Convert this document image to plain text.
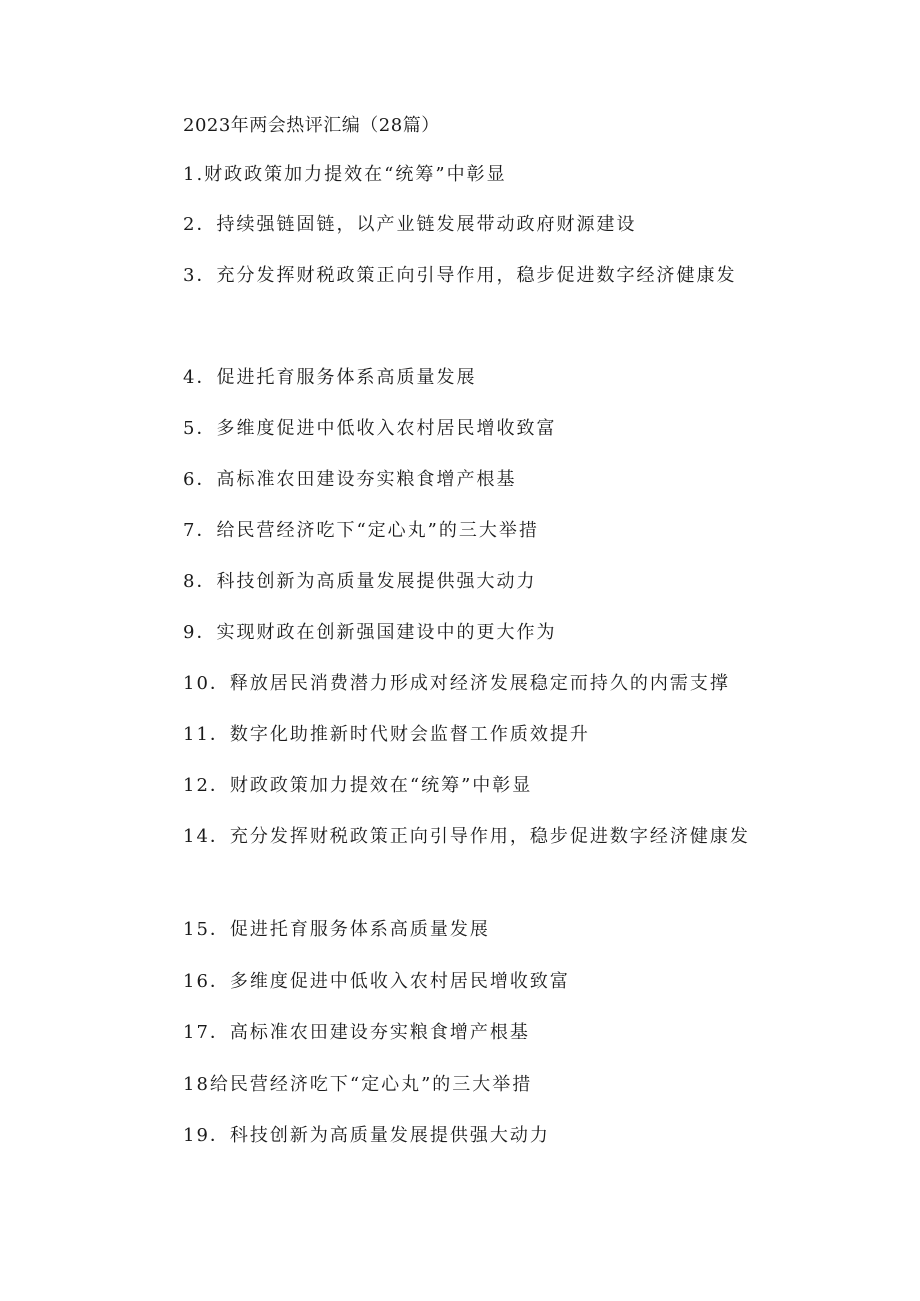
2023年两会热评汇编（28篇）
1.财政政策加力提效在“统筹”中彰显
2．持续强链固链，以产业链发展带动政府财源建设
3．充分发挥财税政策正向引导作用，稳步促进数字经济健康发
4．促进托育服务体系高质量发展
5．多维度促进中低收入农村居民增收致富
6．高标准农田建设夯实粮食增产根基
7．给民营经济吃下“定心丸”的三大举措
8．科技创新为高质量发展提供强大动力
9．实现财政在创新强国建设中的更大作为
10．释放居民消费潜力形成对经济发展稳定而持久的内需支撑
11．数字化助推新时代财会监督工作质效提升
12．财政政策加力提效在“统筹”中彰显
14．充分发挥财税政策正向引导作用，稳步促进数字经济健康发
15．促进托育服务体系高质量发展
16．多维度促进中低收入农村居民增收致富
17．高标准农田建设夯实粮食增产根基
18给民营经济吃下“定心丸”的三大举措
19．科技创新为高质量发展提供强大动力
